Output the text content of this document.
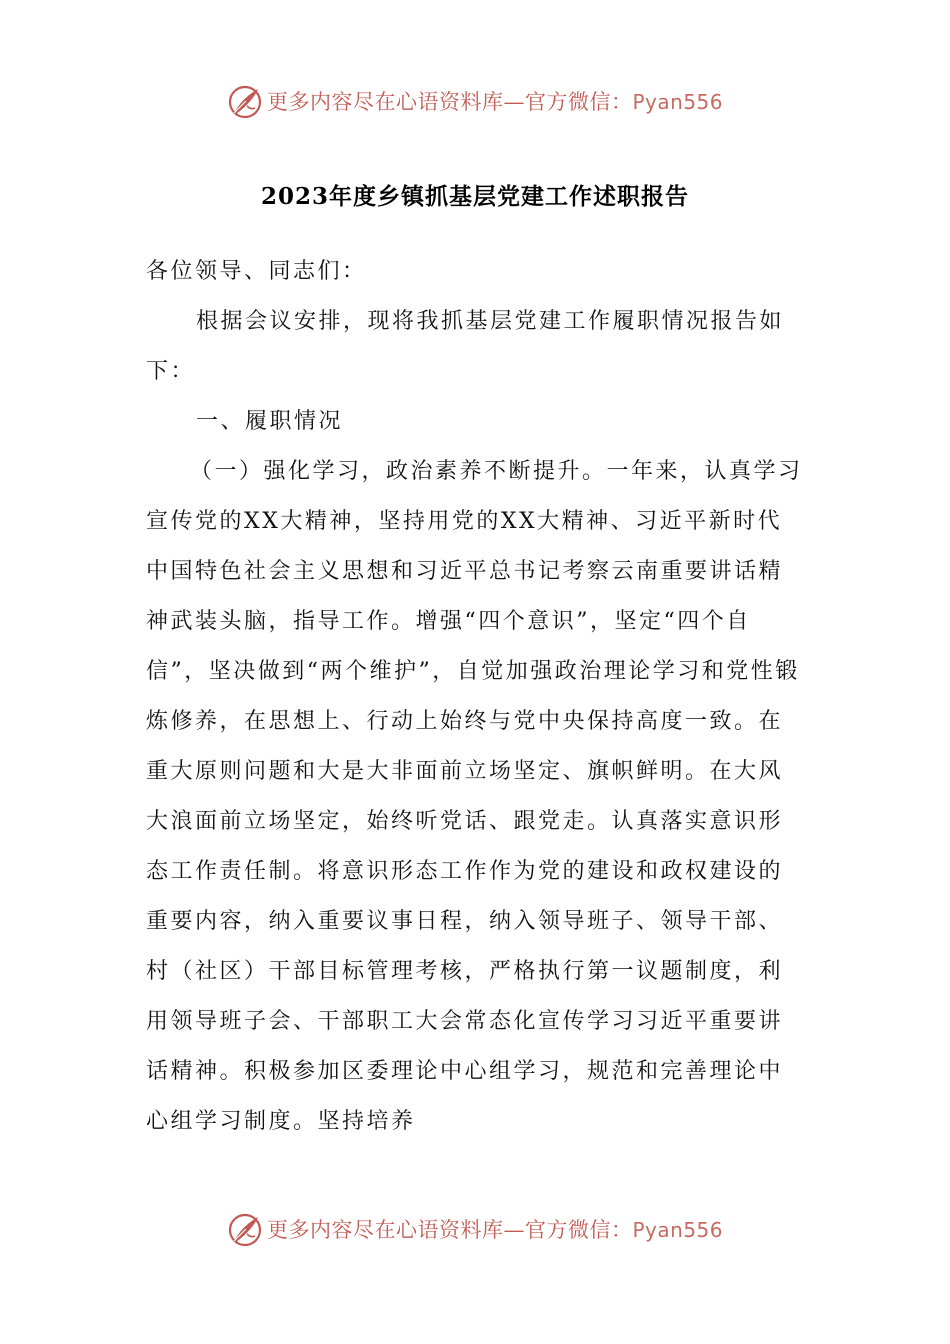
更多内容尽在心语资料库—官方微信：Pyan556
2023年度乡镇抓基层党建工作述职报告

各位领导、同志们：

根据会议安排，现将我抓基层党建工作履职情况报告如下：

一、履职情况

（一）强化学习，政治素养不断提升。一年来，认真学习宣传党的XX大精神，坚持用党的XX大精神、习近平新时代中国特色社会主义思想和习近平总书记考察云南重要讲话精神武装头脑，指导工作。增强“四个意识”，坚定“四个自信”，坚决做到“两个维护”，自觉加强政治理论学习和党性锻炼修养，在思想上、行动上始终与党中央保持高度一致。在重大原则问题和大是大非面前立场坚定、旗帜鲜明。在大风大浪面前立场坚定，始终听党话、跟党走。认真落实意识形态工作责任制。将意识形态工作作为党的建设和政权建设的重要内容，纳入重要议事日程，纳入领导班子、领导干部、村（社区）干部目标管理考核，严格执行第一议题制度，利用领导班子会、干部职工大会常态化宣传学习习近平重要讲话精神。积极参加区委理论中心组学习，规范和完善理论中心组学习制度。坚持培养

更多内容尽在心语资料库—官方微信：Pyan556
